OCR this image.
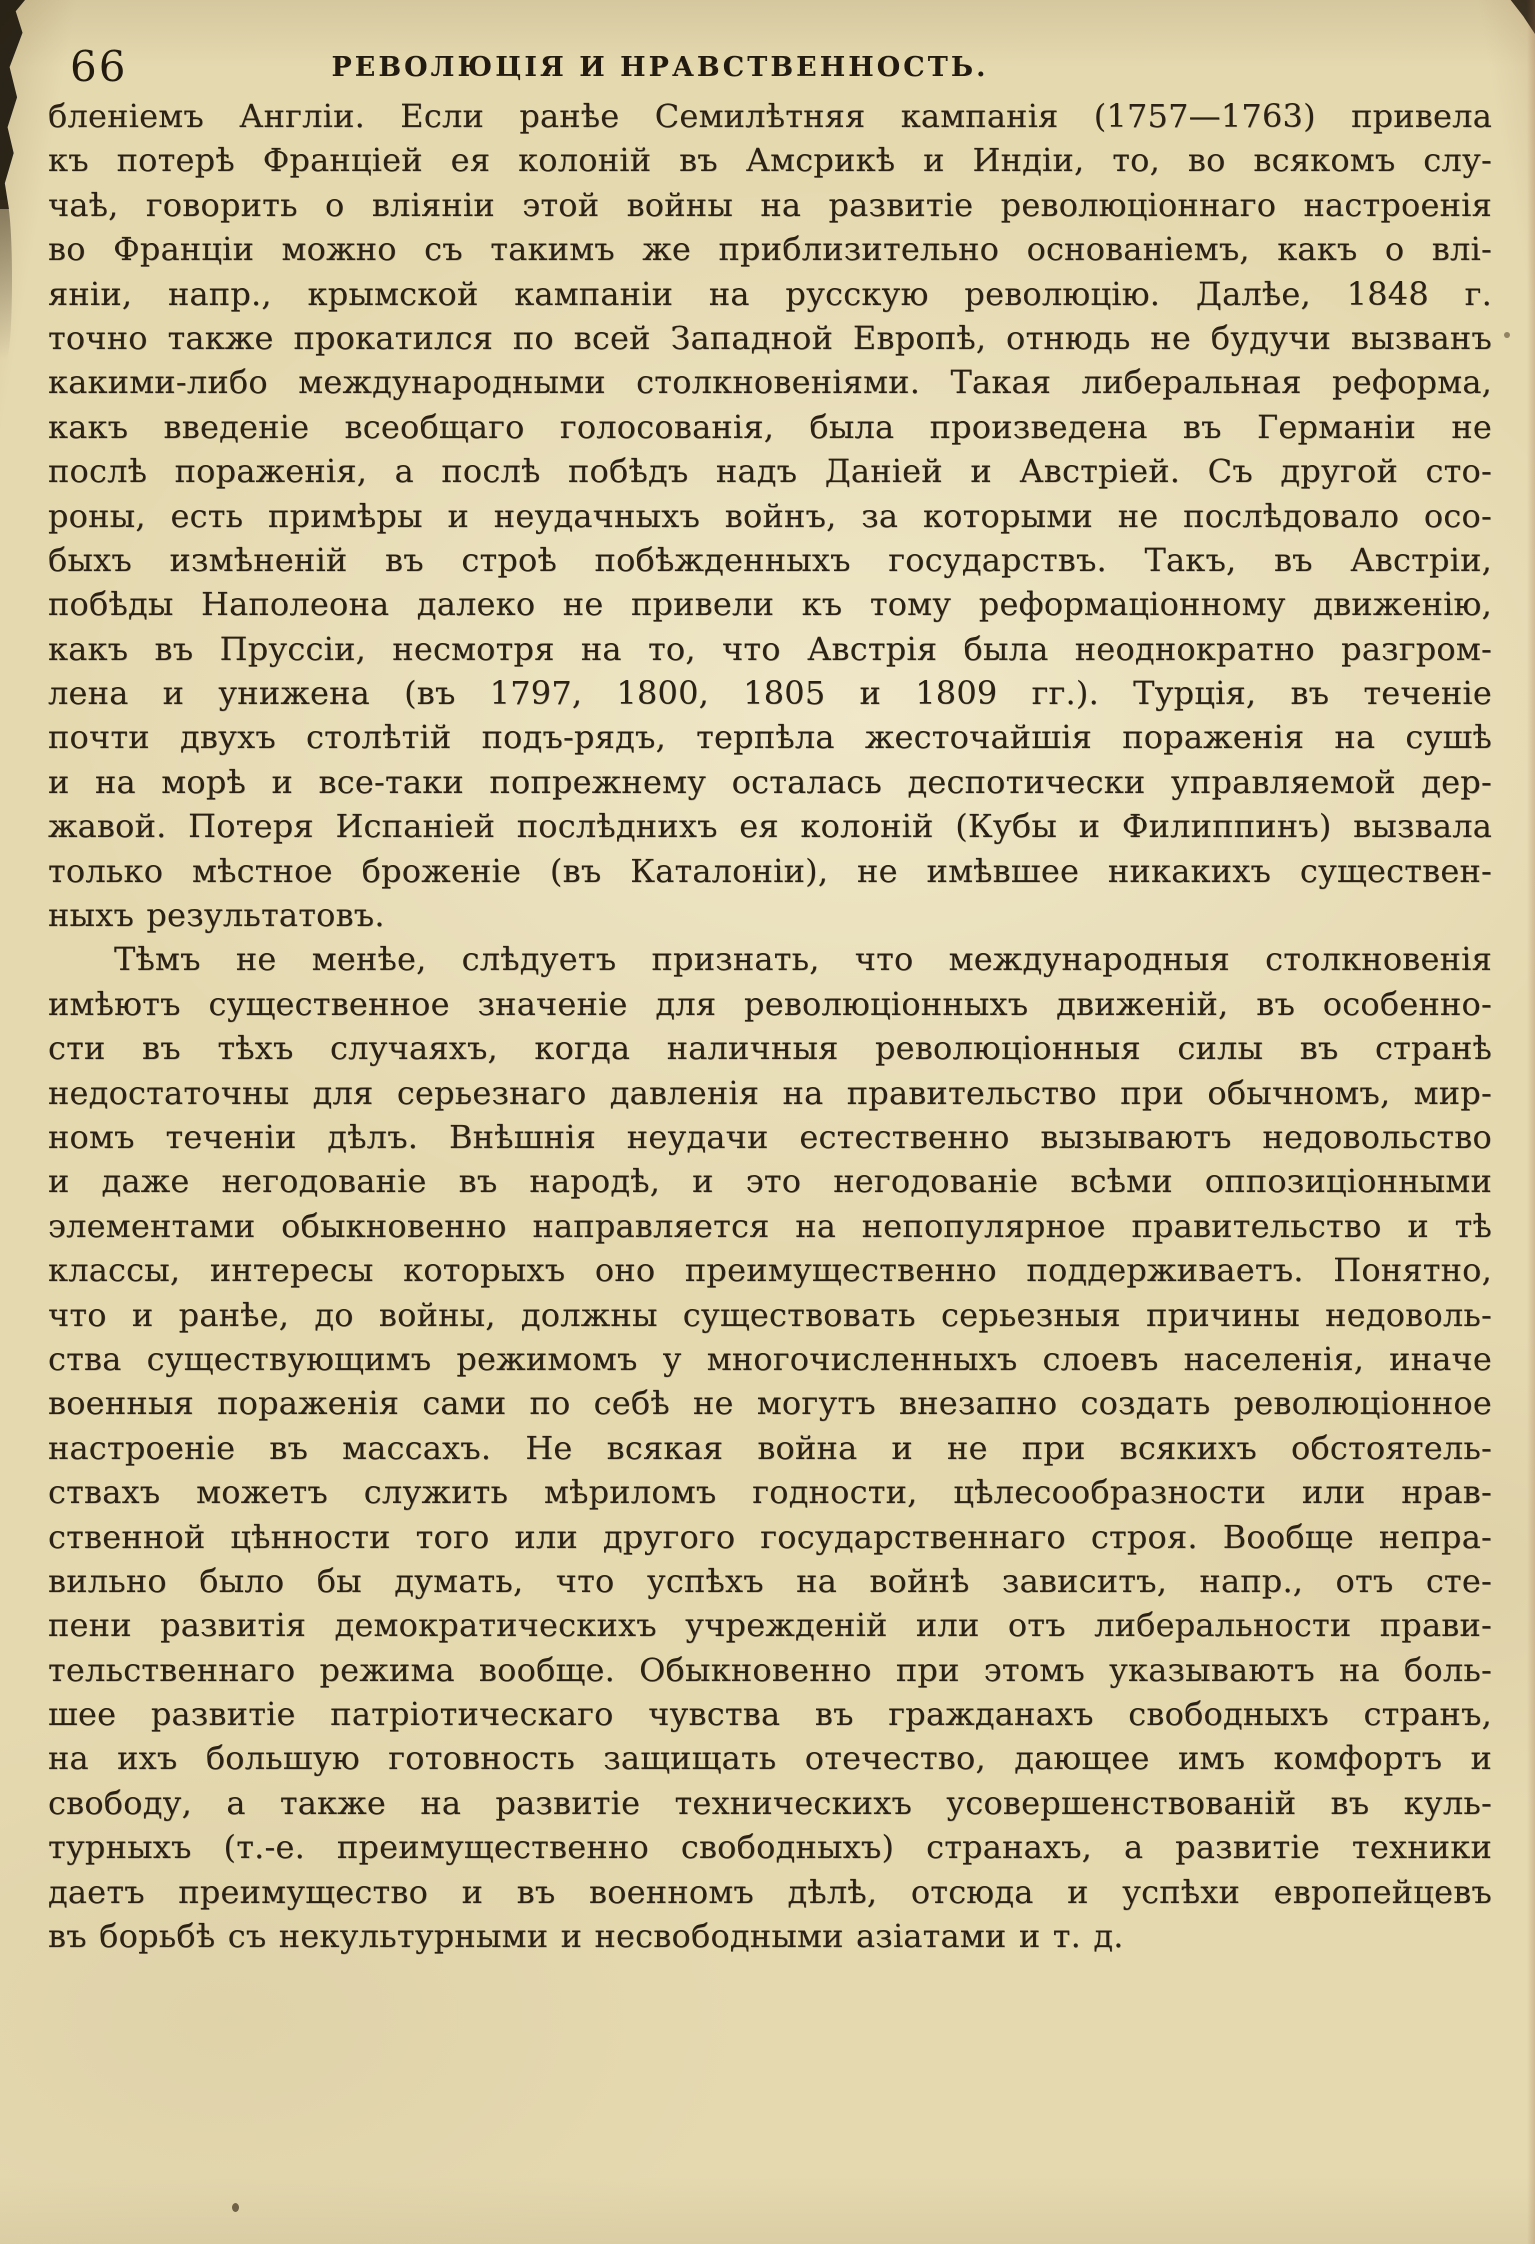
66	РЕВОЛЮЦІЯ И НРАВСТВЕННОСТЬ.
бленіемъ Англіи. Если ранѣе Семилѣтняя кампанія (1757—1763) привела
къ потерѣ Франціей ея колоній въ Амсрикѣ и Индіи, то, во всякомъ слу-
чаѣ, говорить о вліяніи этой войны на развитіе революціоннаго настроенія
во Франціи можно съ такимъ же приблизительно основаніемъ, какъ о влі-
яніи, напр., крымской кампаніи на русскую революцію. Далѣе, 1848 г.
точно также прокатился по всей Западной Европѣ, отнюдь не будучи вызванъ
какими-либо международными столкновеніями. Такая либеральная реформа,
какъ введеніе всеобщаго голосованія, была произведена въ Германіи не
послѣ пораженія, а послѣ побѣдъ надъ Даніей и Австріей. Съ другой сто-
роны, есть примѣры и неудачныхъ войнъ, за которыми не послѣдовало осо-
быхъ измѣненій въ строѣ побѣжденныхъ государствъ. Такъ, въ Австріи,
побѣды Наполеона далеко не привели къ тому реформаціонному движенію,
какъ въ Пруссіи, несмотря на то, что Австрія была неоднократно разгром-
лена и унижена (въ 1797, 1800, 1805 и 1809 гг.). Турція, въ теченіе
почти двухъ столѣтій подъ-рядъ, терпѣла жесточайшія пораженія на сушѣ
и на морѣ и все-таки попрежнему осталась деспотически управляемой дер-
жавой. Потеря Испаніей послѣднихъ ея колоній (Кубы и Филиппинъ) вызвала
только мѣстное броженіе (въ Каталоніи), не имѣвшее никакихъ существен-
ныхъ результатовъ.
Тѣмъ не менѣе, слѣдуетъ признать, что международныя столкновенія
имѣютъ существенное значеніе для революціонныхъ движеній, въ особенно-
сти въ тѣхъ случаяхъ, когда наличныя революціонныя силы въ странѣ
недостаточны для серьезнаго давленія на правительство при обычномъ, мир-
номъ теченіи дѣлъ. Внѣшнія неудачи естественно вызываютъ недовольство
и даже негодованіе въ народѣ, и это негодованіе всѣми оппозиціонными
элементами обыкновенно направляется на непопулярное правительство и тѣ
классы, интересы которыхъ оно преимущественно поддерживаетъ. Понятно,
что и ранѣе, до войны, должны существовать серьезныя причины недоволь-
ства существующимъ режимомъ у многочисленныхъ слоевъ населенія, иначе
военныя пораженія сами по себѣ не могутъ внезапно создать революціонное
настроеніе въ массахъ. Не всякая война и не при всякихъ обстоятель-
ствахъ можетъ служить мѣриломъ годности, цѣлесообразности или нрав-
ственной цѣнности того или другого государственнаго строя. Вообще непра-
вильно было бы думать, что успѣхъ на войнѣ зависитъ, напр., отъ сте-
пени развитія демократическихъ учрежденій или отъ либеральности прави-
тельственнаго режима вообще. Обыкновенно при этомъ указываютъ на боль-
шее развитіе патріотическаго чувства въ гражданахъ свободныхъ странъ,
на ихъ большую готовность защищать отечество, дающее имъ комфортъ и
свободу, а также на развитіе техническихъ усовершенствованій въ куль-
турныхъ (т.-е. преимущественно свободныхъ) странахъ, а развитіе техники
даетъ преимущество и въ военномъ дѣлѣ, отсюда и успѣхи европейцевъ
въ борьбѣ съ некультурными и несвободными азіатами и т. д.
